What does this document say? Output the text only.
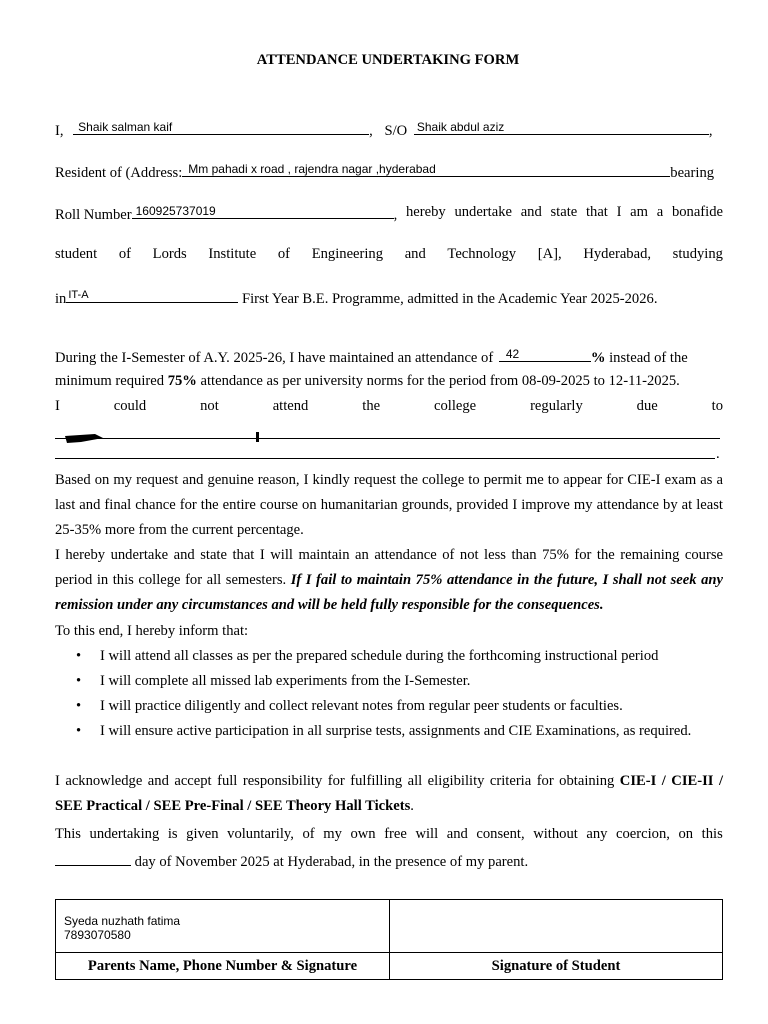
ATTENDANCE UNDERTAKING FORM
I, Shaik salman kaif	, S/O Shaik abdul aziz	,
Resident of (Address: Mm pahadi x road , rajendra nagar ,hyderabad	bearing
Roll Number 160925737019	, hereby undertake and state that I am a bonafide
student of Lords Institute of Engineering and Technology [A], Hyderabad, studying
in IT-A	First Year B.E. Programme, admitted in the Academic Year 2025-2026.
During the I-Semester of A.Y. 2025-26, I have maintained an attendance of 42	% instead of the
minimum required 75% attendance as per university norms for the period from 08-09-2025 to 12-11-2025.
I	could	not	attend	the	college	regularly	due	to
.
Based on my request and genuine reason, I kindly request the college to permit me to appear for CIE-I exam as a last and final chance for the entire course on humanitarian grounds, provided I improve my attendance by at least 25-35% more from the current percentage.
I hereby undertake and state that I will maintain an attendance of not less than 75% for the remaining course period in this college for all semesters. If I fail to maintain 75% attendance in the future, I shall not seek any remission under any circumstances and will be held fully responsible for the consequences.
To this end, I hereby inform that:
• I will attend all classes as per the prepared schedule during the forthcoming instructional period
• I will complete all missed lab experiments from the I-Semester.
• I will practice diligently and collect relevant notes from regular peer students or faculties.
• I will ensure active participation in all surprise tests, assignments and CIE Examinations, as required.
I acknowledge and accept full responsibility for fulfilling all eligibility criteria for obtaining CIE-I / CIE-II / SEE Practical / SEE Pre-Final / SEE Theory Hall Tickets.
This undertaking is given voluntarily, of my own free will and consent, without any coercion, on this
day of November 2025 at Hyderabad, in the presence of my parent.
Syeda nuzhath fatima
7893070580	

Parents Name, Phone Number & Signature	Signature of Student
